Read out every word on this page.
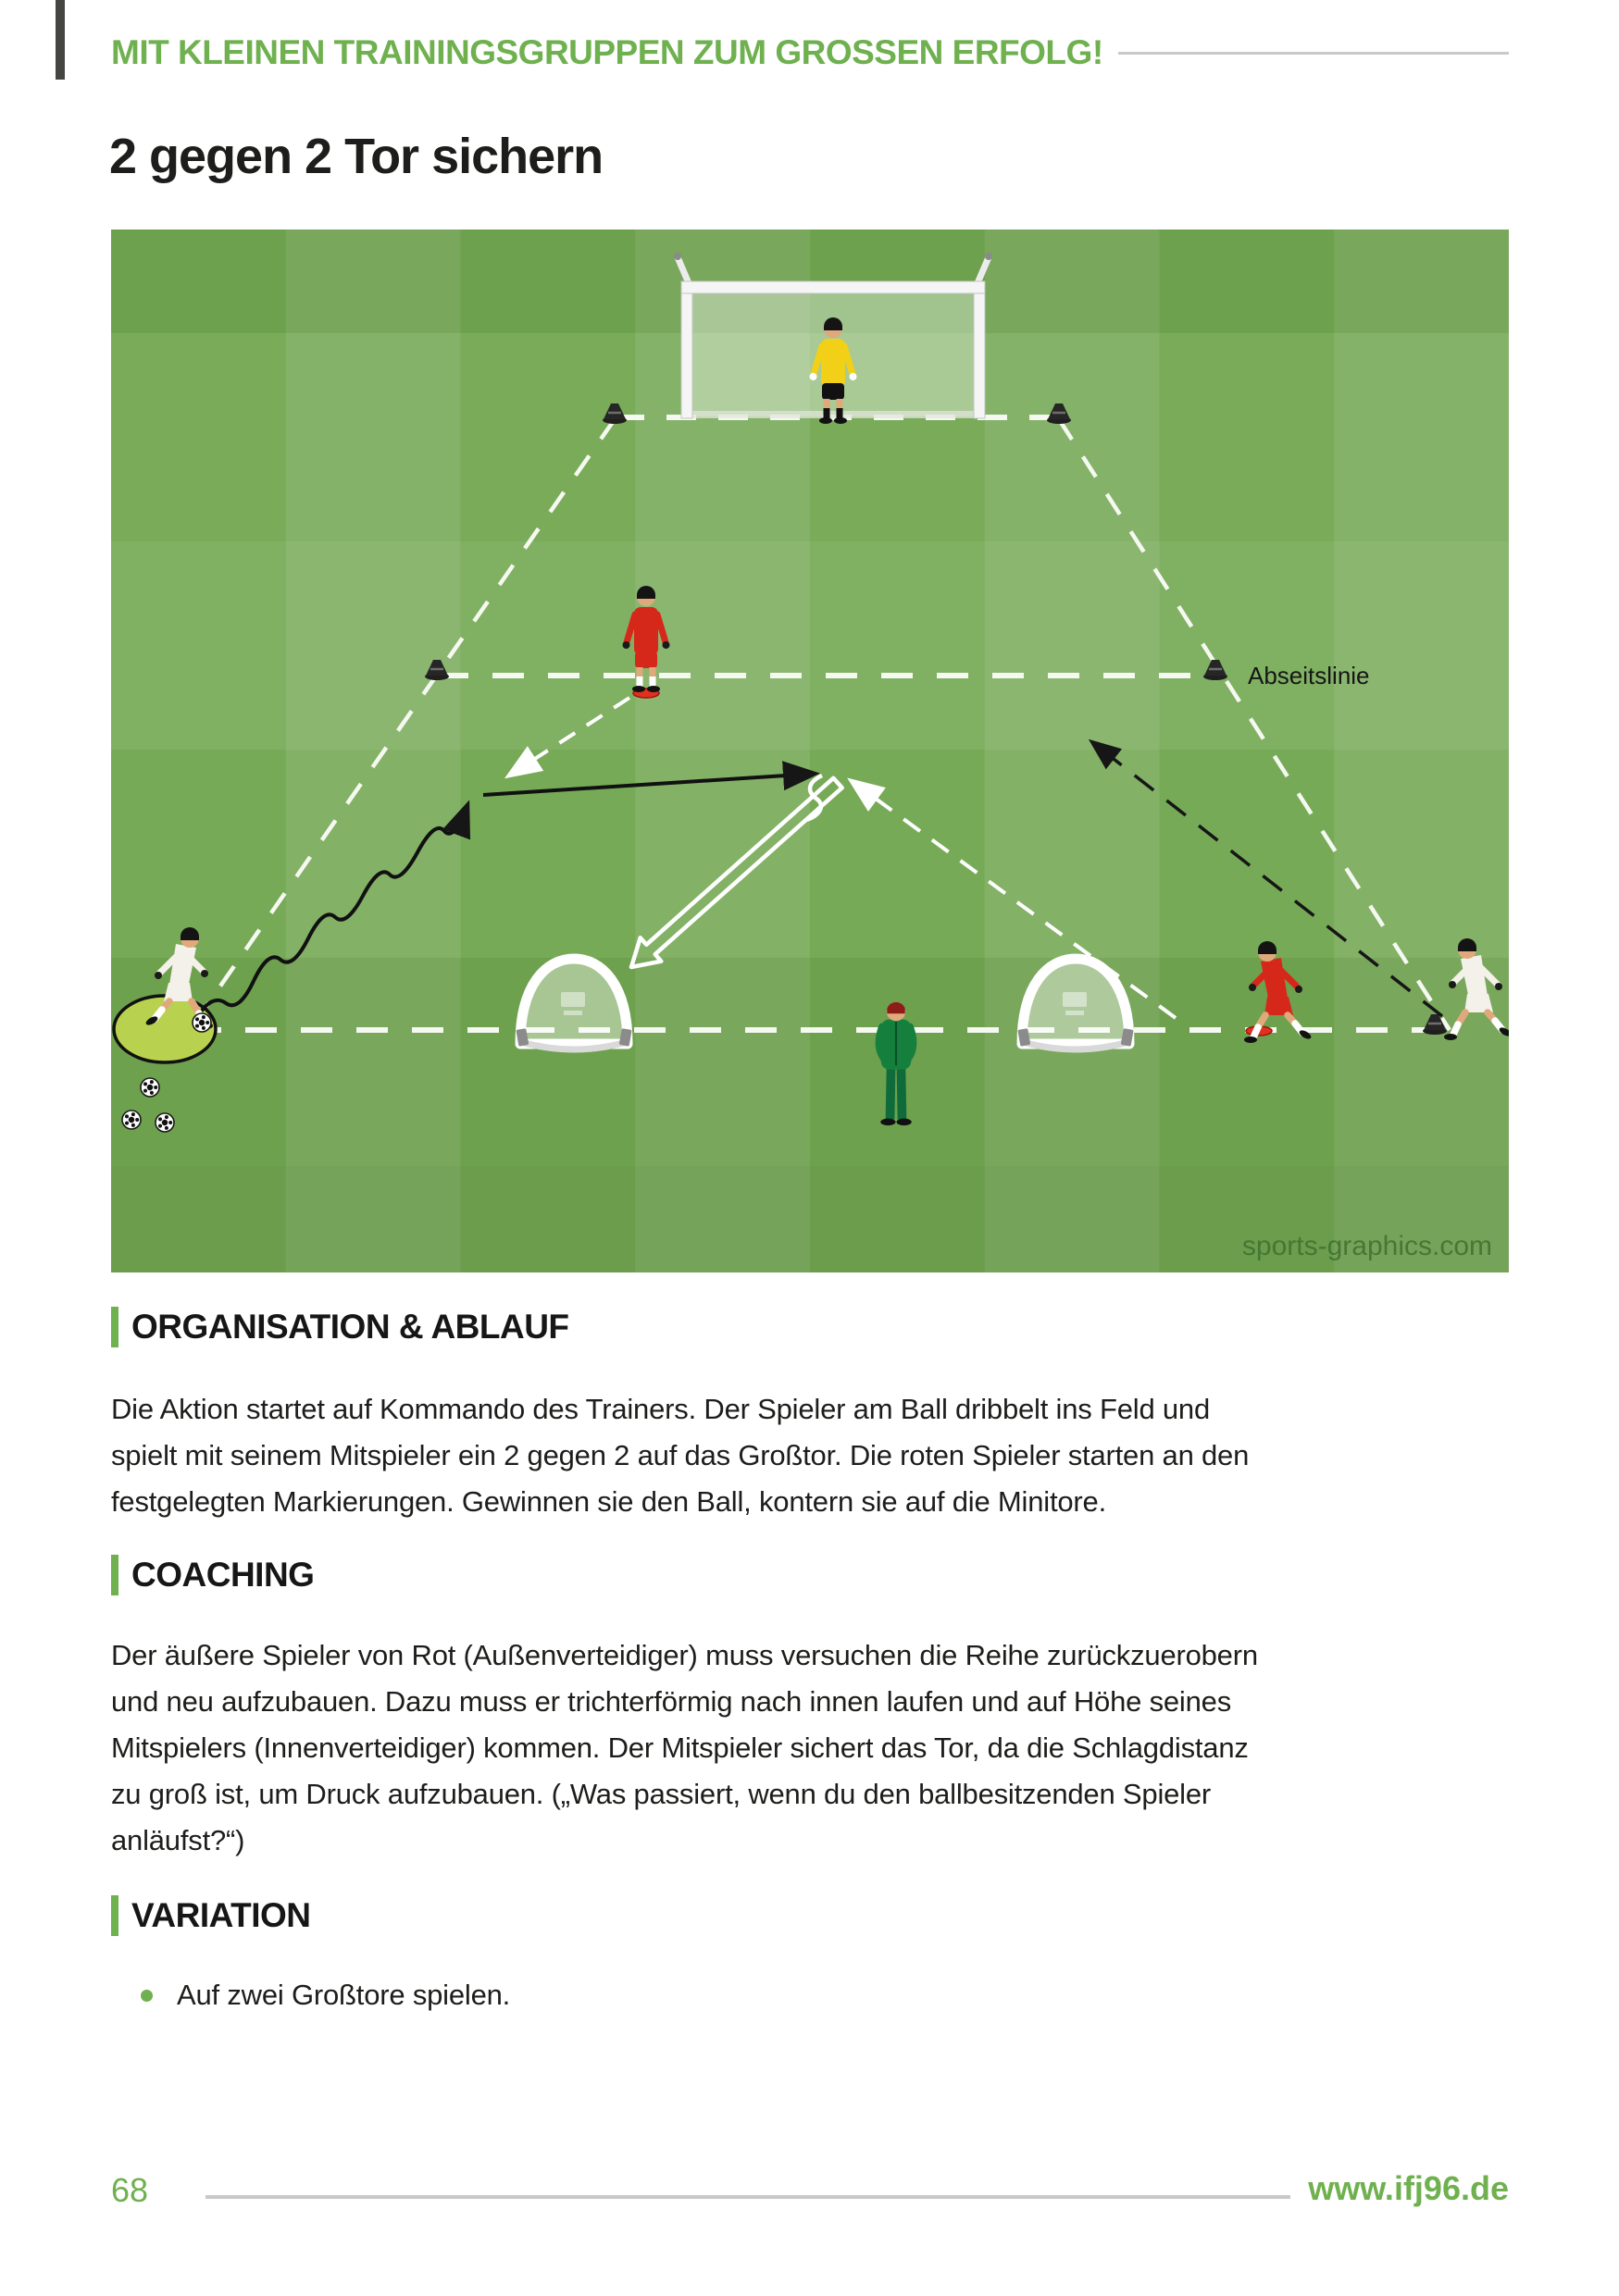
MIT KLEINEN TRAININGSGRUPPEN ZUM GROSSEN ERFOLG!
2 gegen 2 Tor sichern
Abseitslinie
sports-graphics.com
ORGANISATION & ABLAUF
Die Aktion startet auf Kommando des Trainers. Der Spieler am Ball dribbelt ins Feld und
spielt mit seinem Mitspieler ein 2 gegen 2 auf das Großtor. Die roten Spieler starten an den
festgelegten Markierungen. Gewinnen sie den Ball, kontern sie auf die Minitore.
COACHING
Der äußere Spieler von Rot (Außenverteidiger) muss versuchen die Reihe zurückzuerobern
und neu aufzubauen. Dazu muss er trichterförmig nach innen laufen und auf Höhe seines
Mitspielers (Innenverteidiger) kommen. Der Mitspieler sichert das Tor, da die Schlagdistanz
zu groß ist, um Druck aufzubauen. („Was passiert, wenn du den ballbesitzenden Spieler
anläufst?“)
VARIATION
Auf zwei Großtore spielen.
68	www.ifj96.de
